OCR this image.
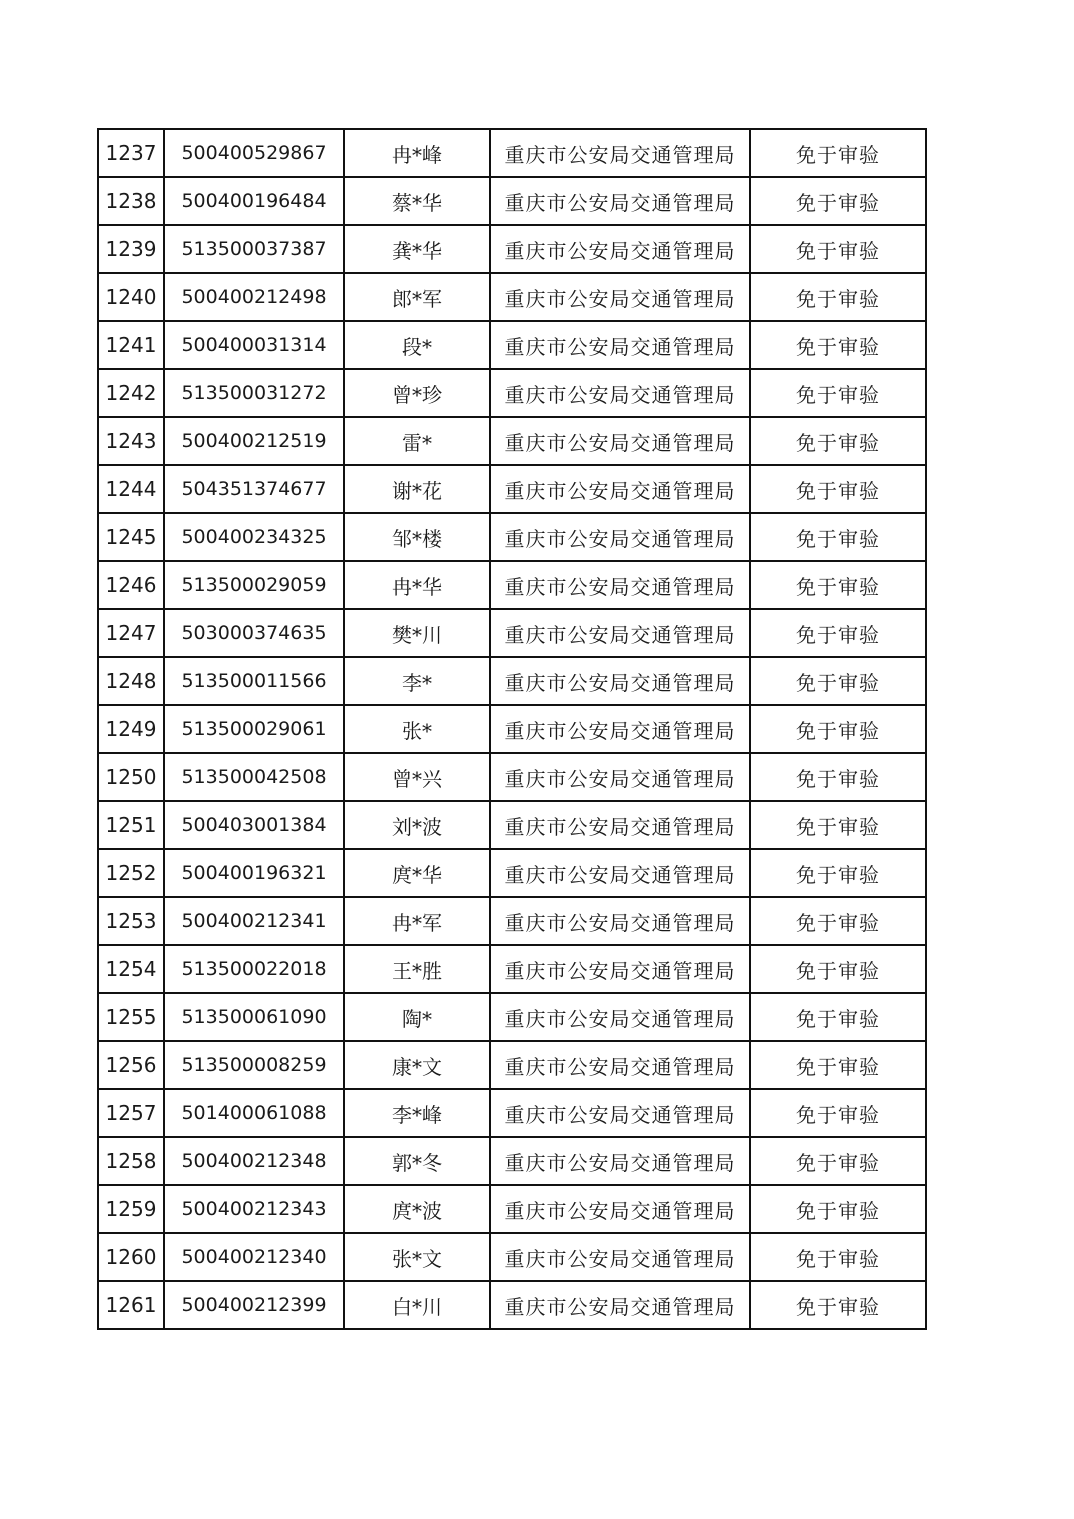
1237	500400529867	冉*峰	重庆市公安局交通管理局	免于审验
1238	500400196484	蔡*华	重庆市公安局交通管理局	免于审验
1239	513500037387	龚*华	重庆市公安局交通管理局	免于审验
1240	500400212498	郎*军	重庆市公安局交通管理局	免于审验
1241	500400031314	段*	重庆市公安局交通管理局	免于审验
1242	513500031272	曾*珍	重庆市公安局交通管理局	免于审验
1243	500400212519	雷*	重庆市公安局交通管理局	免于审验
1244	504351374677	谢*花	重庆市公安局交通管理局	免于审验
1245	500400234325	邹*楼	重庆市公安局交通管理局	免于审验
1246	513500029059	冉*华	重庆市公安局交通管理局	免于审验
1247	503000374635	樊*川	重庆市公安局交通管理局	免于审验
1248	513500011566	李*	重庆市公安局交通管理局	免于审验
1249	513500029061	张*	重庆市公安局交通管理局	免于审验
1250	513500042508	曾*兴	重庆市公安局交通管理局	免于审验
1251	500403001384	刘*波	重庆市公安局交通管理局	免于审验
1252	500400196321	庹*华	重庆市公安局交通管理局	免于审验
1253	500400212341	冉*军	重庆市公安局交通管理局	免于审验
1254	513500022018	王*胜	重庆市公安局交通管理局	免于审验
1255	513500061090	陶*	重庆市公安局交通管理局	免于审验
1256	513500008259	康*文	重庆市公安局交通管理局	免于审验
1257	501400061088	李*峰	重庆市公安局交通管理局	免于审验
1258	500400212348	郭*冬	重庆市公安局交通管理局	免于审验
1259	500400212343	庹*波	重庆市公安局交通管理局	免于审验
1260	500400212340	张*文	重庆市公安局交通管理局	免于审验
1261	500400212399	白*川	重庆市公安局交通管理局	免于审验
